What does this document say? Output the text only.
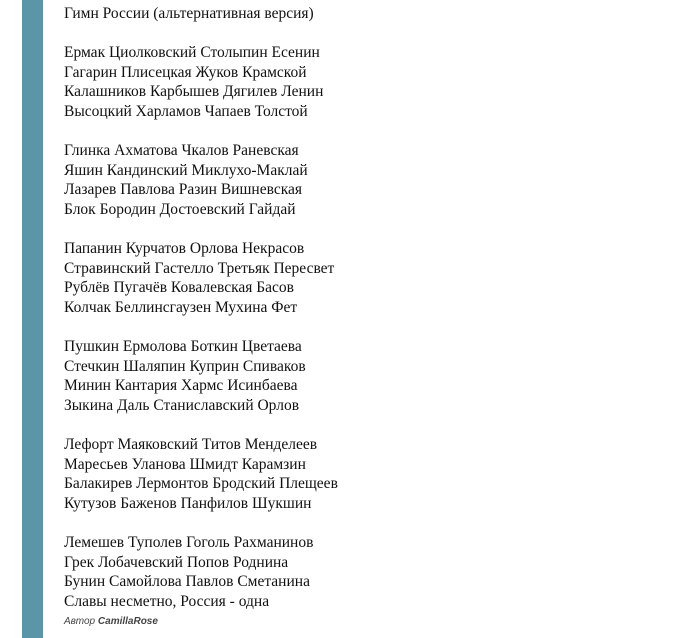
Гимн России (альтернативная версия)
Ермак Циолковский Столыпин Есенин
Гагарин Плисецкая Жуков Крамской
Калашников Карбышев Дягилев Ленин
Высоцкий Харламов Чапаев Толстой
Глинка Ахматова Чкалов Раневская
Яшин Кандинский Миклухо-Маклай
Лазарев Павлова Разин Вишневская
Блок Бородин Достоевский Гайдай
Папанин Курчатов Орлова Некрасов
Стравинский Гастелло Третьяк Пересвет
Рублёв Пугачёв Ковалевская Басов
Колчак Беллинсгаузен Мухина Фет
Пушкин Ермолова Боткин Цветаева
Стечкин Шаляпин Куприн Спиваков
Минин Кантария Хармс Исинбаева
Зыкина Даль Станиславский Орлов
Лефорт Маяковский Титов Менделеев
Маресьев Уланова Шмидт Карамзин
Балакирев Лермонтов Бродский Плещеев
Кутузов Баженов Панфилов Шукшин
Лемешев Туполев Гоголь Рахманинов
Грек Лобачевский Попов Роднина
Бунин Самойлова Павлов Сметанина
Славы несметно, Россия - одна
Автор CamillaRose
